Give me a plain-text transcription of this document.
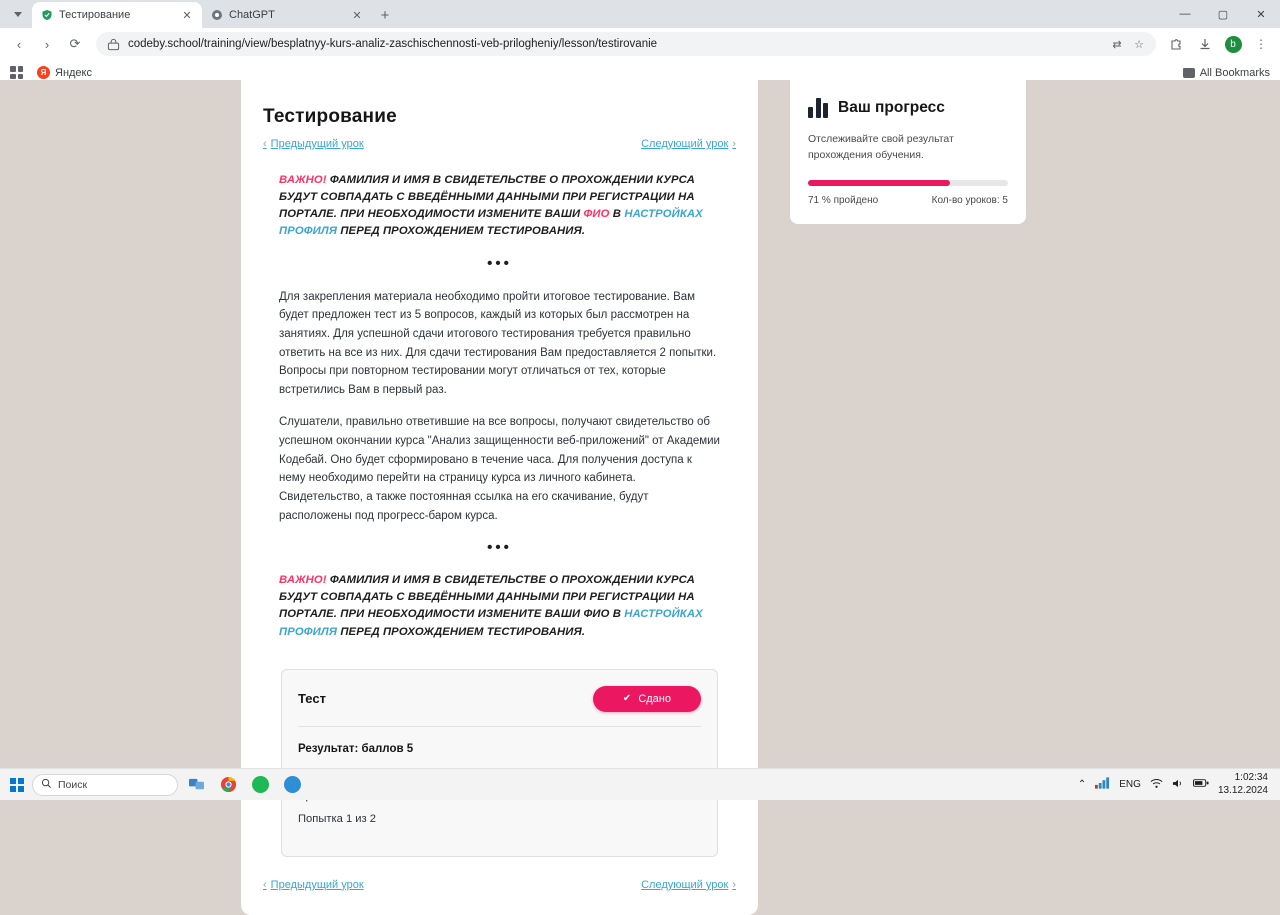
Тестирование	✕	ChatGPT	✕	+	—	▢	✕
‹	›	⟳	codeby.school/training/view/besplatnyy-kurs-analiz-zaschischennosti-veb-prilogheniy/lesson/testirovanie	⇄ ☆	b	⋮
Я Яндекс	All Bookmarks
Тестирование
‹ Предыдущий урок	Следующий урок ›
ВАЖНО! ФАМИЛИЯ И ИМЯ В СВИДЕТЕЛЬСТВЕ О ПРОХОЖДЕНИИ КУРСА БУДУТ СОВПАДАТЬ С ВВЕДЁННЫМИ ДАННЫМИ ПРИ РЕГИСТРАЦИИ НА ПОРТАЛЕ. ПРИ НЕОБХОДИМОСТИ ИЗМЕНИТЕ ВАШИ ФИО В НАСТРОЙКАХ ПРОФИЛЯ ПЕРЕД ПРОХОЖДЕНИЕМ ТЕСТИРОВАНИЯ.
•••

Для закрепления материала необходимо пройти итоговое тестирование. Вам будет предложен тест из 5 вопросов, каждый из которых был рассмотрен на занятиях. Для успешной сдачи итогового тестирования требуется правильно ответить на все из них. Для сдачи тестирования Вам предоставляется 2 попытки. Вопросы при повторном тестировании могут отличаться от тех, которые встретились Вам в первый раз.

Слушатели, правильно ответившие на все вопросы, получают свидетельство об успешном окончании курса "Анализ защищенности веб-приложений" от Академии Кодебай. Оно будет сформировано в течение часа. Для получения доступа к нему необходимо перейти на страницу курса из личного кабинета. Свидетельство, а также постоянная ссылка на его скачивание, будут расположены под прогресс-баром курса.

•••
ВАЖНО! ФАМИЛИЯ И ИМЯ В СВИДЕТЕЛЬСТВЕ О ПРОХОЖДЕНИИ КУРСА БУДУТ СОВПАДАТЬ С ВВЕДЁННЫМИ ДАННЫМИ ПРИ РЕГИСТРАЦИИ НА ПОРТАЛЕ. ПРИ НЕОБХОДИМОСТИ ИЗМЕНИТЕ ВАШИ ФИО В НАСТРОЙКАХ ПРОФИЛЯ ПЕРЕД ПРОХОЖДЕНИЕМ ТЕСТИРОВАНИЯ.
Тест	✔ Сдано
Результат: баллов 5
Попытка 1 из 2
‹ Предыдущий урок	Следующий урок ›
Ваш прогресс
Отслеживайте свой результат прохождения обучения.
71 % пройдено	Кол-во уроков: 5
Поиск	⌃	ENG
1:02:34
13.12.2024
